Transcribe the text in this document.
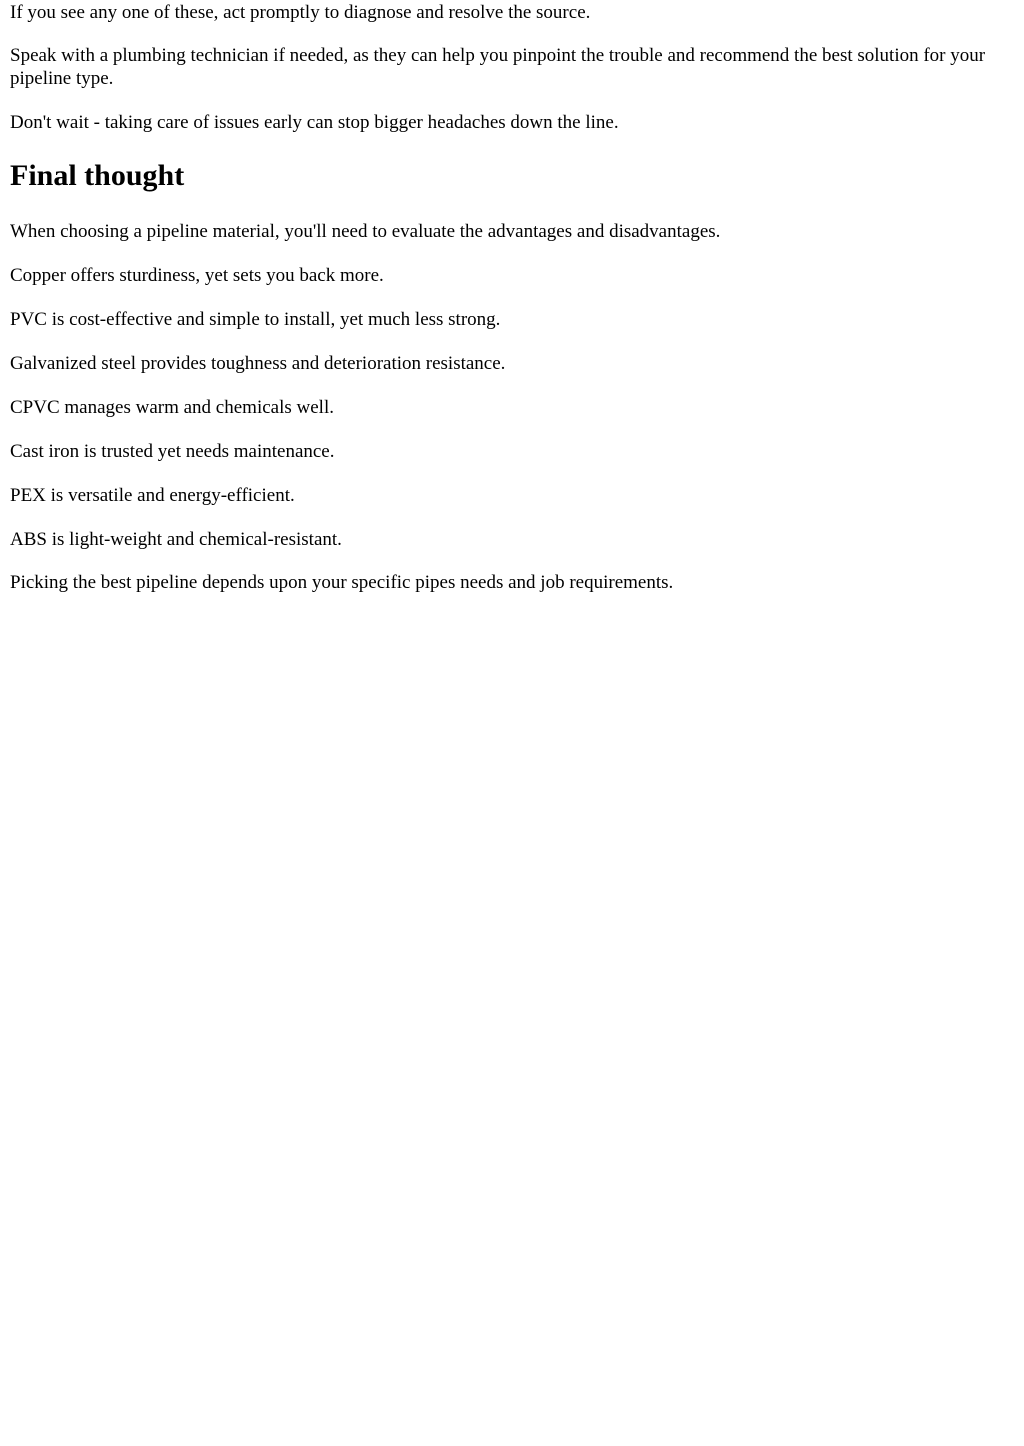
If you see any one of these, act promptly to diagnose and resolve the source.

Speak with a plumbing technician if needed, as they can help you pinpoint the trouble and recommend the best solution for your pipeline type.

Don't wait - taking care of issues early can stop bigger headaches down the line.

Final thought

When choosing a pipeline material, you'll need to evaluate the advantages and disadvantages.

Copper offers sturdiness, yet sets you back more.

PVC is cost-effective and simple to install, yet much less strong.

Galvanized steel provides toughness and deterioration resistance.

CPVC manages warm and chemicals well.

Cast iron is trusted yet needs maintenance.

PEX is versatile and energy-efficient.

ABS is light-weight and chemical-resistant.

Picking the best pipeline depends upon your specific pipes needs and job requirements.
